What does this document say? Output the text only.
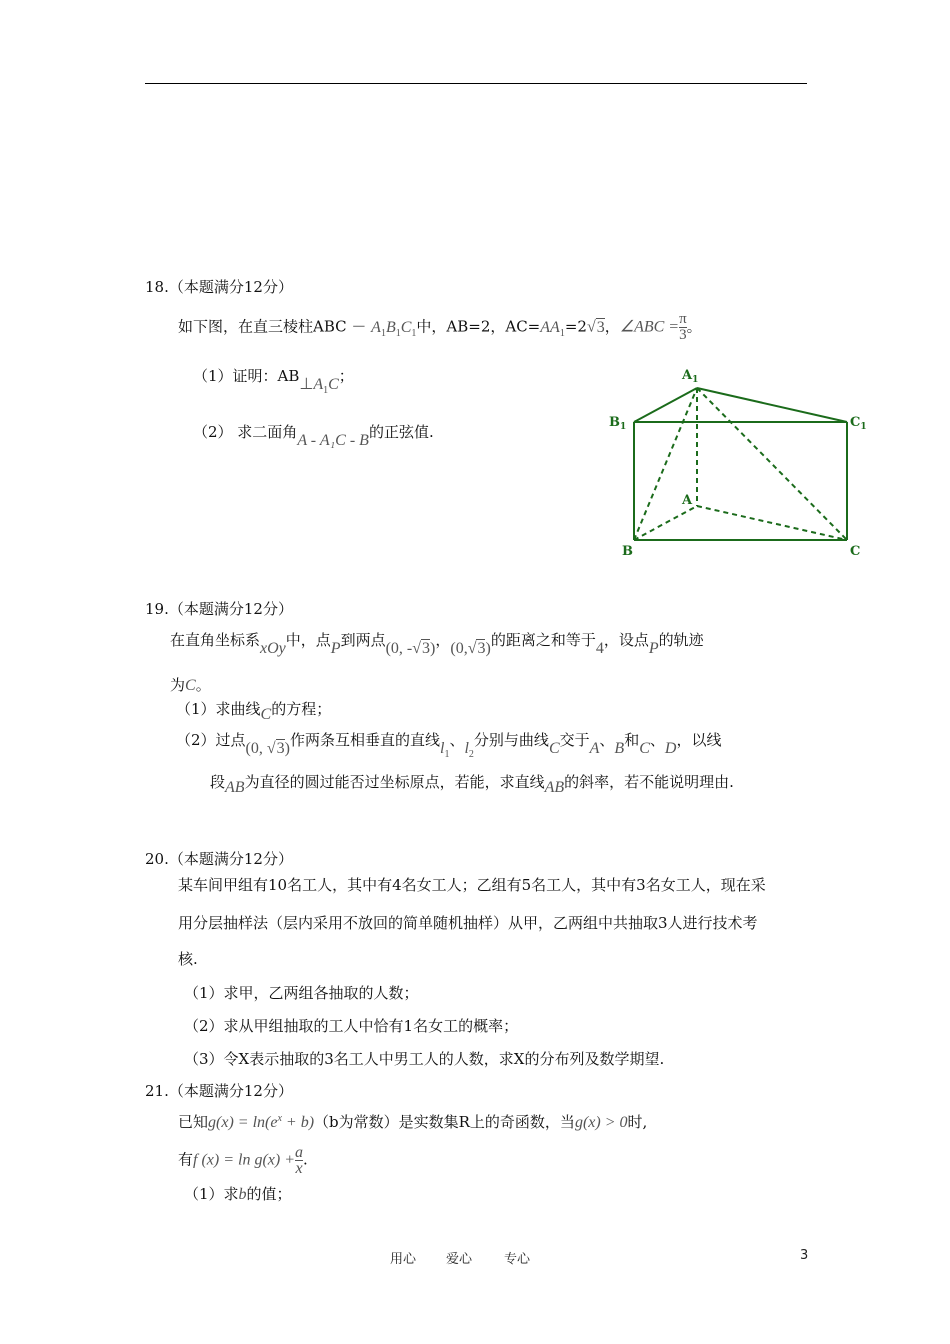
18.（本题满分12分）
如下图，在直三棱柱ABC － $A_1B_1C_1$中，AB=2，$AC=AA_1=2√3$，∠ABC = $\frac{\pi}{3}$ 。
（1）证明：$AB\perp A_1C$；
（2） 求二面角A - A₁C - B的正弦值.
$A_1$
$B_1$	$C_1$
A
B	C
19.（本题满分12分）
在直角坐标系xOy中，点P到两点(0, -√3)，(0,√3)的距离之和等于4，设点P的轨迹
为C。
（1）求曲线C的方程；
（2）过点(0, √3)作两条互相垂直的直线$l_1$、$l_2$分别与曲线C交于A、B和C、D，以线
段AB为直径的圆过能否过坐标原点，若能，求直线AB的斜率，若不能说明理由.
20.（本题满分12分）
某车间甲组有10名工人，其中有4名女工人；乙组有5名工人，其中有3名女工人，现在采
用分层抽样法（层内采用不放回的简单随机抽样）从甲，乙两组中共抽取3人进行技术考
核.
（1）求甲，乙两组各抽取的人数；
（2）求从甲组抽取的工人中恰有1名女工的概率；
（3）令X表示抽取的3名工人中男工人的人数，求X的分布列及数学期望.
21.（本题满分12分）
已知$g(x) = \ln(e^x + b)(b$为常数）是实数集R上的奇函数，当g(x) > 0时,
有f $(x) = \ln g(x) + \frac{a}{x}$ .
（1）求b的值；
用心 爱心 专心	3
